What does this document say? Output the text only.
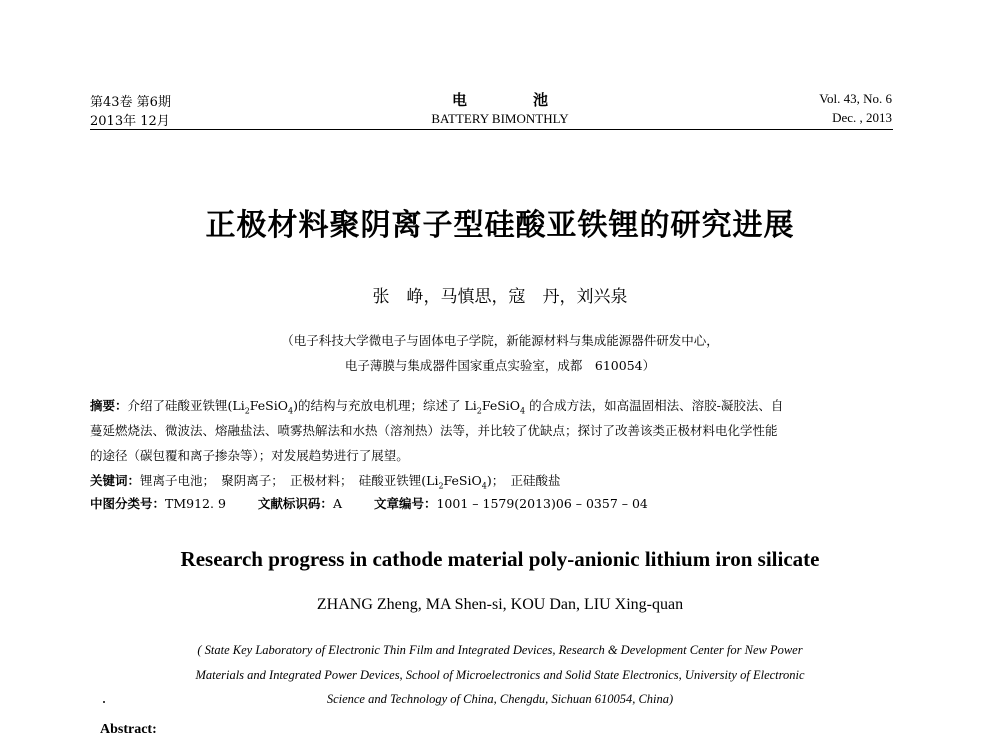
第43卷 第6期
2013年 12月
电	池
BATTERY BIMONTHLY
Vol. 43, No. 6
Dec. , 2013
正极材料聚阴离子型硅酸亚铁锂的研究进展
张　峥，马慎思，寇　丹，刘兴泉
（电子科技大学微电子与固体电子学院，新能源材料与集成能源器件研发中心，
电子薄膜与集成器件国家重点实验室，成都　610054）
摘要：介绍了硅酸亚铁锂$(Li_2FeSiO_4)$的结构与充放电机理；综述了 $Li_2FeSiO_4$ 的合成方法，如高温固相法、溶胶-凝胶法、自
蔓延燃烧法、微波法、熔融盐法、喷雾热解法和水热（溶剂热）法等，并比较了优缺点；探讨了改善该类正极材料电化学性能
的途径（碳包覆和离子掺杂等）；对发展趋势进行了展望。
关键词：锂离子电池；　聚阴离子；　正极材料；　硅酸亚铁锂$(Li_2FeSiO_4)$；　正硅酸盐
中图分类号：TM912. 9	文献标识码：A	文章编号：1001 – 1579(2013)06 – 0357 – 04
Research progress in cathode material poly-anionic lithium iron silicate
ZHANG Zheng, MA Shen-si, KOU Dan, LIU Xing-quan
( State Key Laboratory of Electronic Thin Film and Integrated Devices, Research & Development Center for New Power
Materials and Integrated Power Devices, School of Microelectronics and Solid State Electronics, University of Electronic
Science and Technology of China, Chengdu, Sichuan 610054, China)
Abstract:
